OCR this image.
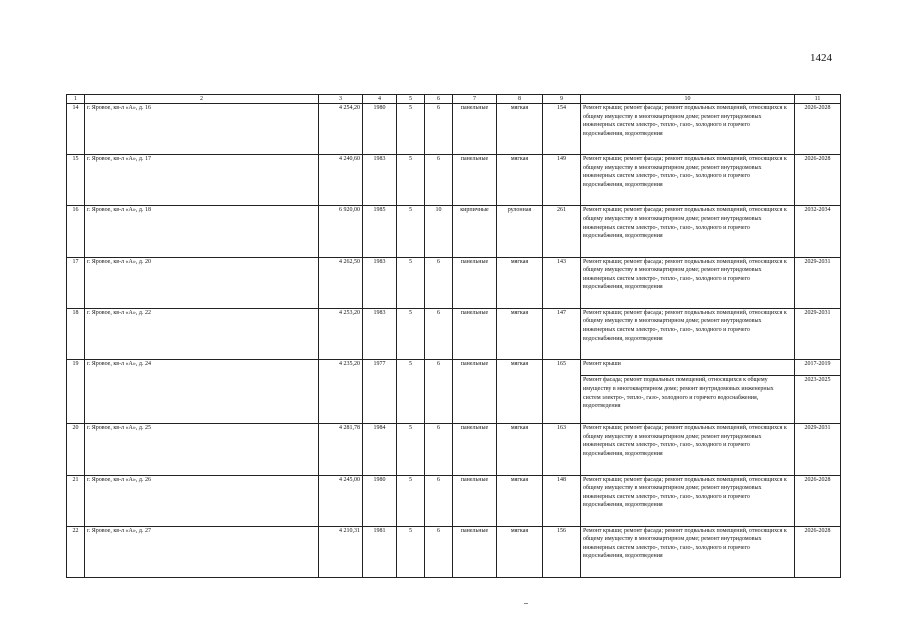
1424
1	2	3	4	5	6	7	8	9	10	11
14	г. Яровое, кв-л «А», д. 16	4 254,20	1980	5	6	панельные	мягкая	154	Ремонт крыши; ремонт фасада; ремонт подвальных помещений, относящихся к общему имуществу в многоквартирном доме; ремонт внутридомовых инженерных систем электро-, тепло-, газо-, холодного и горячего водоснабжения, водоотведения	2026-2028
15	г. Яровое, кв-л «А», д. 17	4 240,60	1983	5	6	панельные	мягкая	149	Ремонт крыши; ремонт фасада; ремонт подвальных помещений, относящихся к общему имуществу в многоквартирном доме; ремонт внутридомовых инженерных систем электро-, тепло-, газо-, холодного и горячего водоснабжения, водоотведения	2026-2028
16	г. Яровое, кв-л «А», д. 18	6 920,00	1985	5	10	кирпичные	рулонная	261	Ремонт крыши; ремонт фасада; ремонт подвальных помещений, относящихся к общему имуществу в многоквартирном доме; ремонт внутридомовых инженерных систем электро-, тепло-, газо-, холодного и горячего водоснабжения, водоотведения	2032-2034
17	г. Яровое, кв-л «А», д. 20	4 262,50	1983	5	6	панельные	мягкая	143	Ремонт крыши; ремонт фасада; ремонт подвальных помещений, относящихся к общему имуществу в многоквартирном доме; ремонт внутридомовых инженерных систем электро-, тепло-, газо-, холодного и горячего водоснабжения, водоотведения	2029-2031
18	г. Яровое, кв-л «А», д. 22	4 253,20	1983	5	6	панельные	мягкая	147	Ремонт крыши; ремонт фасада; ремонт подвальных помещений, относящихся к общему имуществу в многоквартирном доме; ремонт внутридомовых инженерных систем электро-, тепло-, газо-, холодного и горячего водоснабжения, водоотведения	2029-2031
19	г. Яровое, кв-л «А», д. 24	4 235,20	1977	5	6	панельные	мягкая	165	Ремонт крыши	2017-2019
									Ремонт фасада; ремонт подвальных помещений, относящихся к общему имуществу в многоквартирном доме; ремонт внутридомовых инженерных систем электро-, тепло-, газо-, холодного и горячего водоснабжения, водоотведения	2023-2025
20	г. Яровое, кв-л «А», д. 25	4 281,78	1984	5	6	панельные	мягкая	163	Ремонт крыши; ремонт фасада; ремонт подвальных помещений, относящихся к общему имуществу в многоквартирном доме; ремонт внутридомовых инженерных систем электро-, тепло-, газо-, холодного и горячего водоснабжения, водоотведения	2029-2031
21	г. Яровое, кв-л «А», д. 26	4 245,00	1980	5	6	панельные	мягкая	148	Ремонт крыши; ремонт фасада; ремонт подвальных помещений, относящихся к общему имуществу в многоквартирном доме; ремонт внутридомовых инженерных систем электро-, тепло-, газо-, холодного и горячего водоснабжения, водоотведения	2026-2028
22	г. Яровое, кв-л «А», д. 27	4 210,31	1981	5	6	панельные	мягкая	156	Ремонт крыши; ремонт фасада; ремонт подвальных помещений, относящихся к общему имуществу в многоквартирном доме; ремонт внутридомовых инженерных систем электро-, тепло-, газо-, холодного и горячего водоснабжения, водоотведения	2026-2028
